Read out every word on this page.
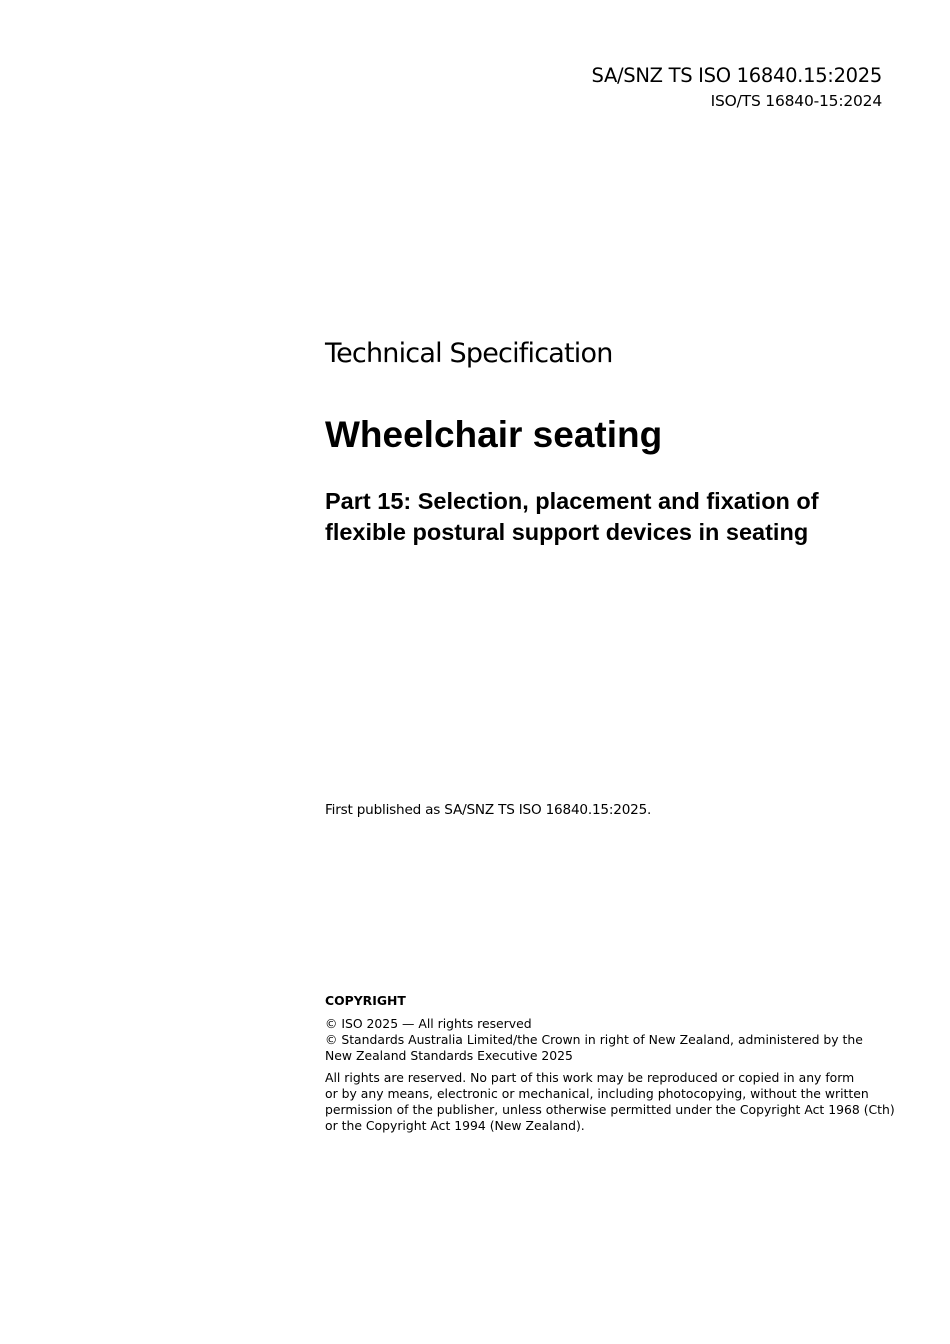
SA/SNZ TS ISO 16840.15:2025
ISO/TS 16840-15:2024
Technical Specification
Wheelchair seating
Part 15: Selection, placement and fixation of flexible postural support devices in seating
First published as SA/SNZ TS ISO 16840.15:2025.

COPYRIGHT

© ISO 2025 — All rights reserved

© Standards Australia Limited/the Crown in right of New Zealand, administered by the New Zealand Standards Executive 2025

All rights are reserved. No part of this work may be reproduced or copied in any form
or by any means, electronic or mechanical, including photocopying, without the written
permission of the publisher, unless otherwise permitted under the Copyright Act 1968 (Cth)
or the Copyright Act 1994 (New Zealand).
